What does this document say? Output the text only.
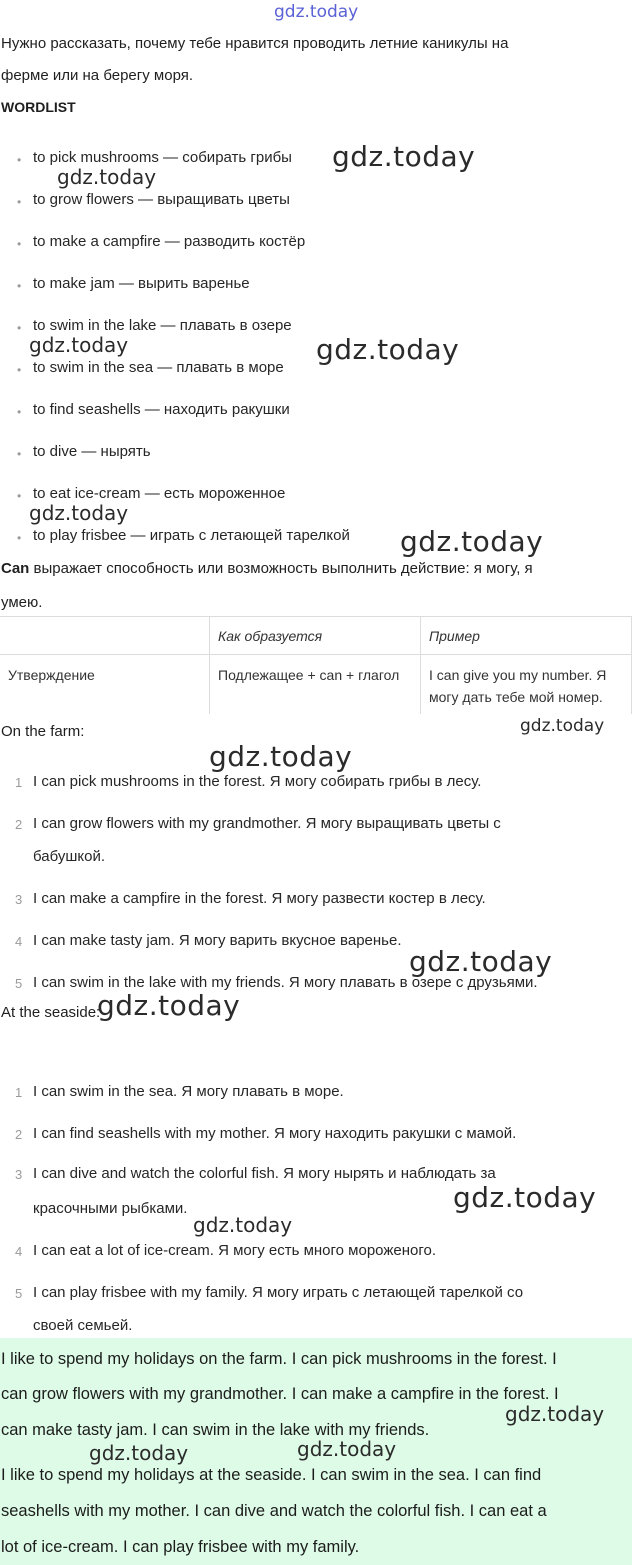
gdz.today
Нужно рассказать, почему тебе нравится проводить летние каникулы на
ферме или на берегу моря.
WORDLIST
• to pick mushrooms — собирать грибы
• to grow flowers — выращивать цветы
• to make a campfire — разводить костёр
• to make jam — вырить варенье
• to swim in the lake — плавать в озере
• to swim in the sea — плавать в море
• to find seashells — находить ракушки
• to dive — нырять
• to eat ice-cream — есть мороженное
• to play frisbee — играть с летающей тарелкой
Can выражает способность или возможность выполнить действие: я могу, я
умею.
Как образуется	Пример
Утверждение	Подлежащее + can + глагол I can give you my number. Я
могу дать тебе мой номер.
On the farm:
1 I can pick mushrooms in the forest. Я могу собирать грибы в лесу.
2 I can grow flowers with my grandmother. Я могу выращивать цветы с
бабушкой.
3 I can make a campfire in the forest. Я могу развести костер в лесу.
4 I can make tasty jam. Я могу варить вкусное варенье.
5 I can swim in the lake with my friends. Я могу плавать в озере с друзьями.
At the seaside:
1 I can swim in the sea. Я могу плавать в море.
2 I can find seashells with my mother. Я могу находить ракушки с мамой.
3 I can dive and watch the colorful fish. Я могу нырять и наблюдать за
красочными рыбками.
4 I can eat a lot of ice-cream. Я могу есть много мороженого.
5 I can play frisbee with my family. Я могу играть с летающей тарелкой со
своей семьей.
I like to spend my holidays on the farm. I can pick mushrooms in the forest. I
can grow flowers with my grandmother. I can make a campfire in the forest. I
can make tasty jam. I can swim in the lake with my friends.
I like to spend my holidays at the seaside. I can swim in the sea. I can find
seashells with my mother. I can dive and watch the colorful fish. I can eat a
lot of ice-cream. I can play frisbee with my family.
gdz.today
gdz.today
gdz.today
gdz.today
gdz.today
gdz.today
gdz.today
gdz.today
gdz.today
gdz.today
gdz.today
gdz.today
gdz.today
gdz.today
gdz.today
